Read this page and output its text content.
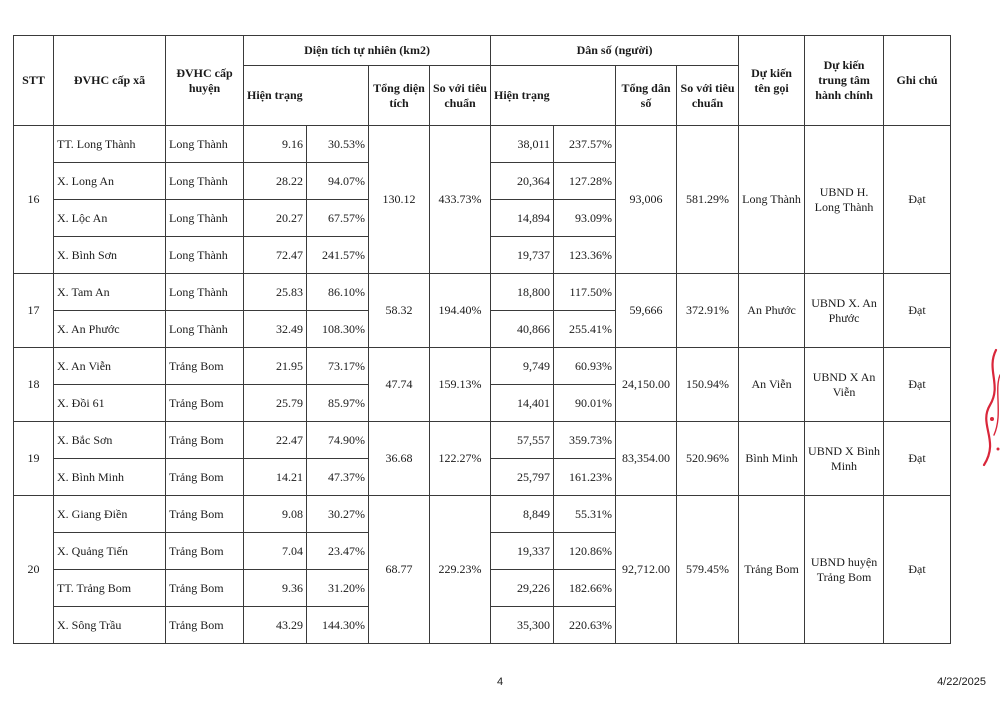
STT	ĐVHC cấp xã	ĐVHC cấp huyện	Diện tích tự nhiên (km2)				Dân số (người)				Dự kiến tên gọi	Dự kiến trung tâm hành chính	Ghi chú
			Hiện trạng		Tổng diện tích	So với tiêu chuẩn	Hiện trạng		Tổng dân số	So với tiêu chuẩn			
16	TT. Long Thành	Long Thành	9.16	30.53%	130.12	433.73%	38,011	237.57%	93,006	581.29%	Long Thành	UBND H. Long Thành	Đạt
	X. Long An	Long Thành	28.22	94.07%			20,364	127.28%					
	X. Lộc An	Long Thành	20.27	67.57%			14,894	93.09%					
	X. Bình Sơn	Long Thành	72.47	241.57%			19,737	123.36%					
17	X. Tam An	Long Thành	25.83	86.10%	58.32	194.40%	18,800	117.50%	59,666	372.91%	An Phước	UBND X. An Phước	Đạt
	X. An Phước	Long Thành	32.49	108.30%			40,866	255.41%					
18	X. An Viễn	Trảng Bom	21.95	73.17%	47.74	159.13%	9,749	60.93%	24,150.00	150.94%	An Viễn	UBND X An Viễn	Đạt
	X. Đồi 61	Trảng Bom	25.79	85.97%			14,401	90.01%					
19	X. Bắc Sơn	Trảng Bom	22.47	74.90%	36.68	122.27%	57,557	359.73%	83,354.00	520.96%	Bình Minh	UBND X Bình Minh	Đạt
	X. Bình Minh	Trảng Bom	14.21	47.37%			25,797	161.23%					
20	X. Giang Điền	Trảng Bom	9.08	30.27%	68.77	229.23%	8,849	55.31%	92,712.00	579.45%	Trảng Bom	UBND huyện Trảng Bom	Đạt
	X. Quảng Tiến	Trảng Bom	7.04	23.47%			19,337	120.86%					
	TT. Trảng Bom	Trảng Bom	9.36	31.20%			29,226	182.66%					
	X. Sông Trầu	Trảng Bom	43.29	144.30%			35,300	220.63%					
4	4/22/2025
